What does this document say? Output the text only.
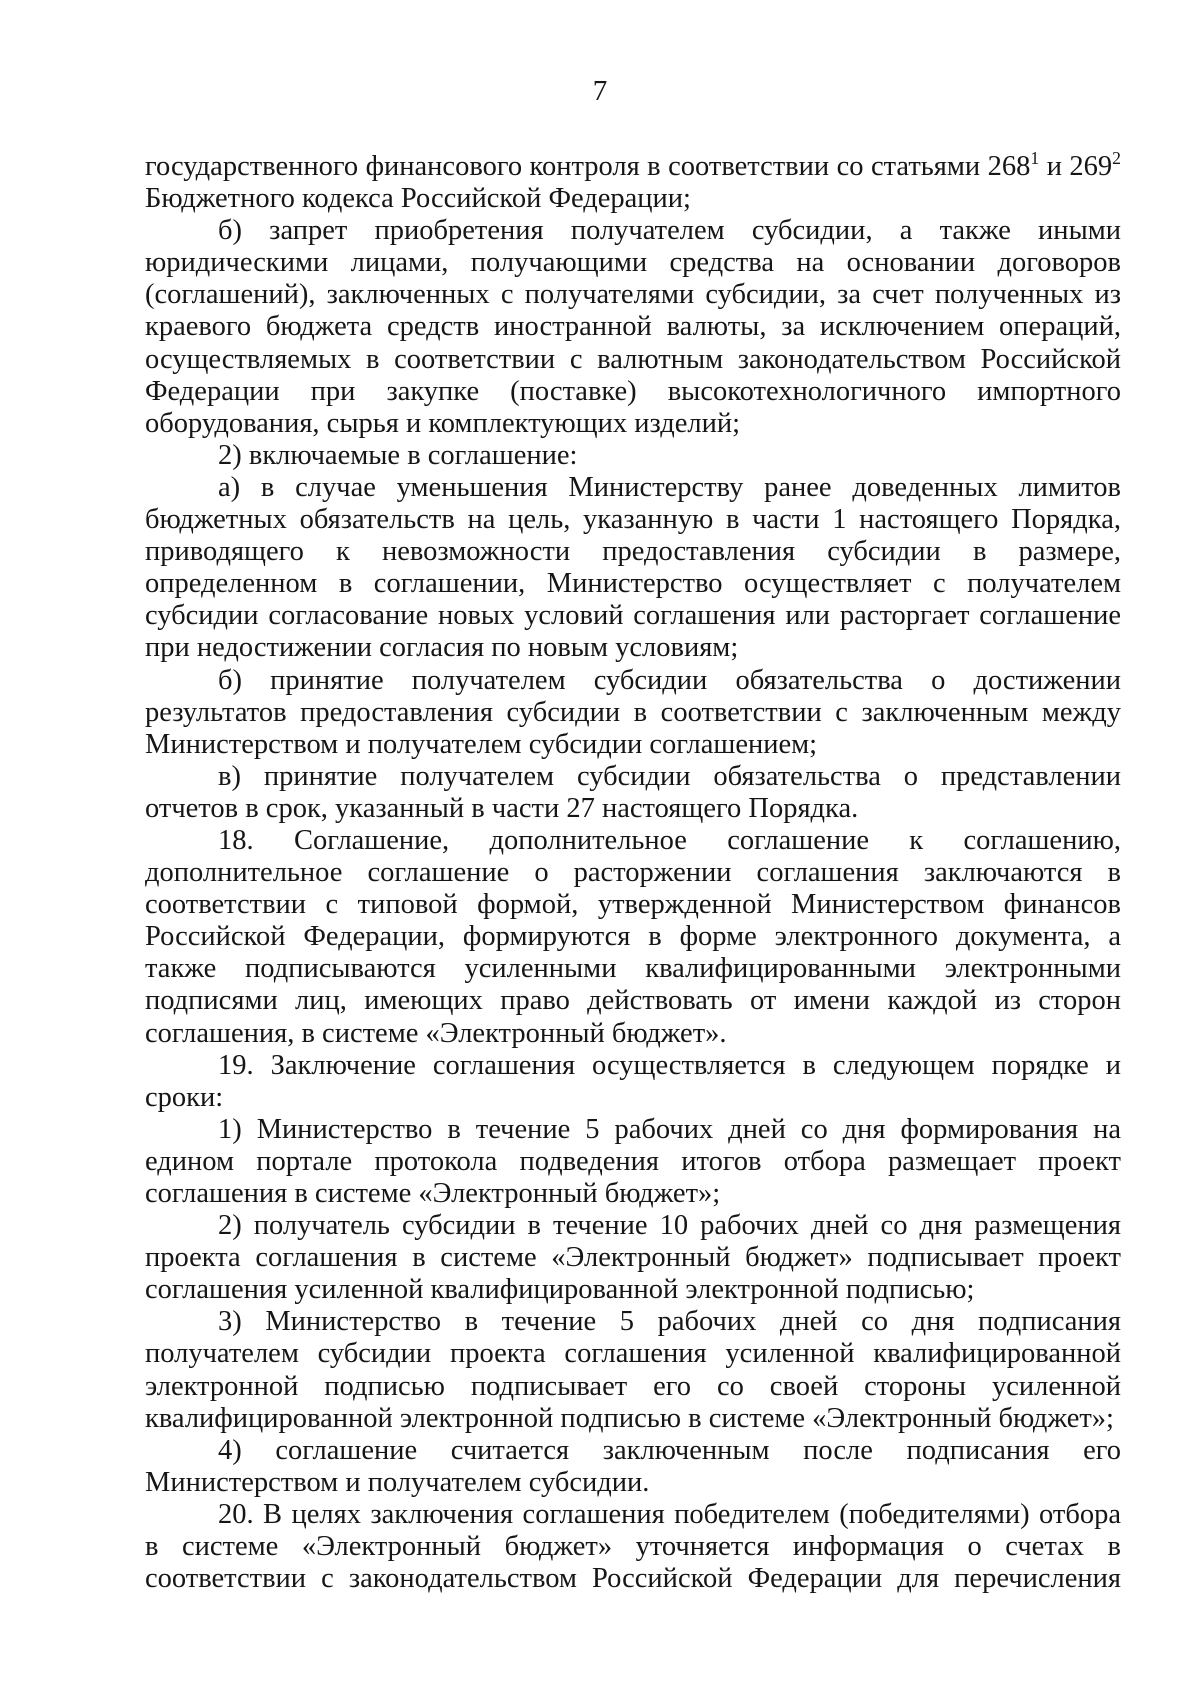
7

государственного финансового контроля в соответствии со статьями $268^1$ и $269^2$ Бюджетного кодекса Российской Федерации;

б) запрет приобретения получателем субсидии, а также иными юридическими лицами, получающими средства на основании договоров (соглашений), заключенных с получателями субсидии, за счет полученных из краевого бюджета средств иностранной валюты, за исключением операций, осуществляемых в соответствии с валютным законодательством Российской Федерации при закупке (поставке) высокотехнологичного импортного оборудования, сырья и комплектующих изделий;

2) включаемые в соглашение:

а) в случае уменьшения Министерству ранее доведенных лимитов бюджетных обязательств на цель, указанную в части 1 настоящего Порядка, приводящего к невозможности предоставления субсидии в размере, определенном в соглашении, Министерство осуществляет с получателем субсидии согласование новых условий соглашения или расторгает соглашение при недостижении согласия по новым условиям;

б) принятие получателем субсидии обязательства о достижении результатов предоставления субсидии в соответствии с заключенным между Министерством и получателем субсидии соглашением;

в) принятие получателем субсидии обязательства о представлении отчетов в срок, указанный в части 27 настоящего Порядка.

18. Соглашение, дополнительное соглашение к соглашению, дополнительное соглашение о расторжении соглашения заключаются в соответствии с типовой формой, утвержденной Министерством финансов Российской Федерации, формируются в форме электронного документа, а также подписываются усиленными квалифицированными электронными подписями лиц, имеющих право действовать от имени каждой из сторон соглашения, в системе «Электронный бюджет».

19. Заключение соглашения осуществляется в следующем порядке и сроки:

1) Министерство в течение 5 рабочих дней со дня формирования на едином портале протокола подведения итогов отбора размещает проект соглашения в системе «Электронный бюджет»;

2) получатель субсидии в течение 10 рабочих дней со дня размещения проекта соглашения в системе «Электронный бюджет» подписывает проект соглашения усиленной квалифицированной электронной подписью;

3) Министерство в течение 5 рабочих дней со дня подписания получателем субсидии проекта соглашения усиленной квалифицированной электронной подписью подписывает его со своей стороны усиленной квалифицированной электронной подписью в системе «Электронный бюджет»;

4) соглашение считается заключенным после подписания его Министерством и получателем субсидии.

20. В целях заключения соглашения победителем (победителями) отбора в системе «Электронный бюджет» уточняется информация о счетах в соответствии с законодательством Российской Федерации для перечисления
